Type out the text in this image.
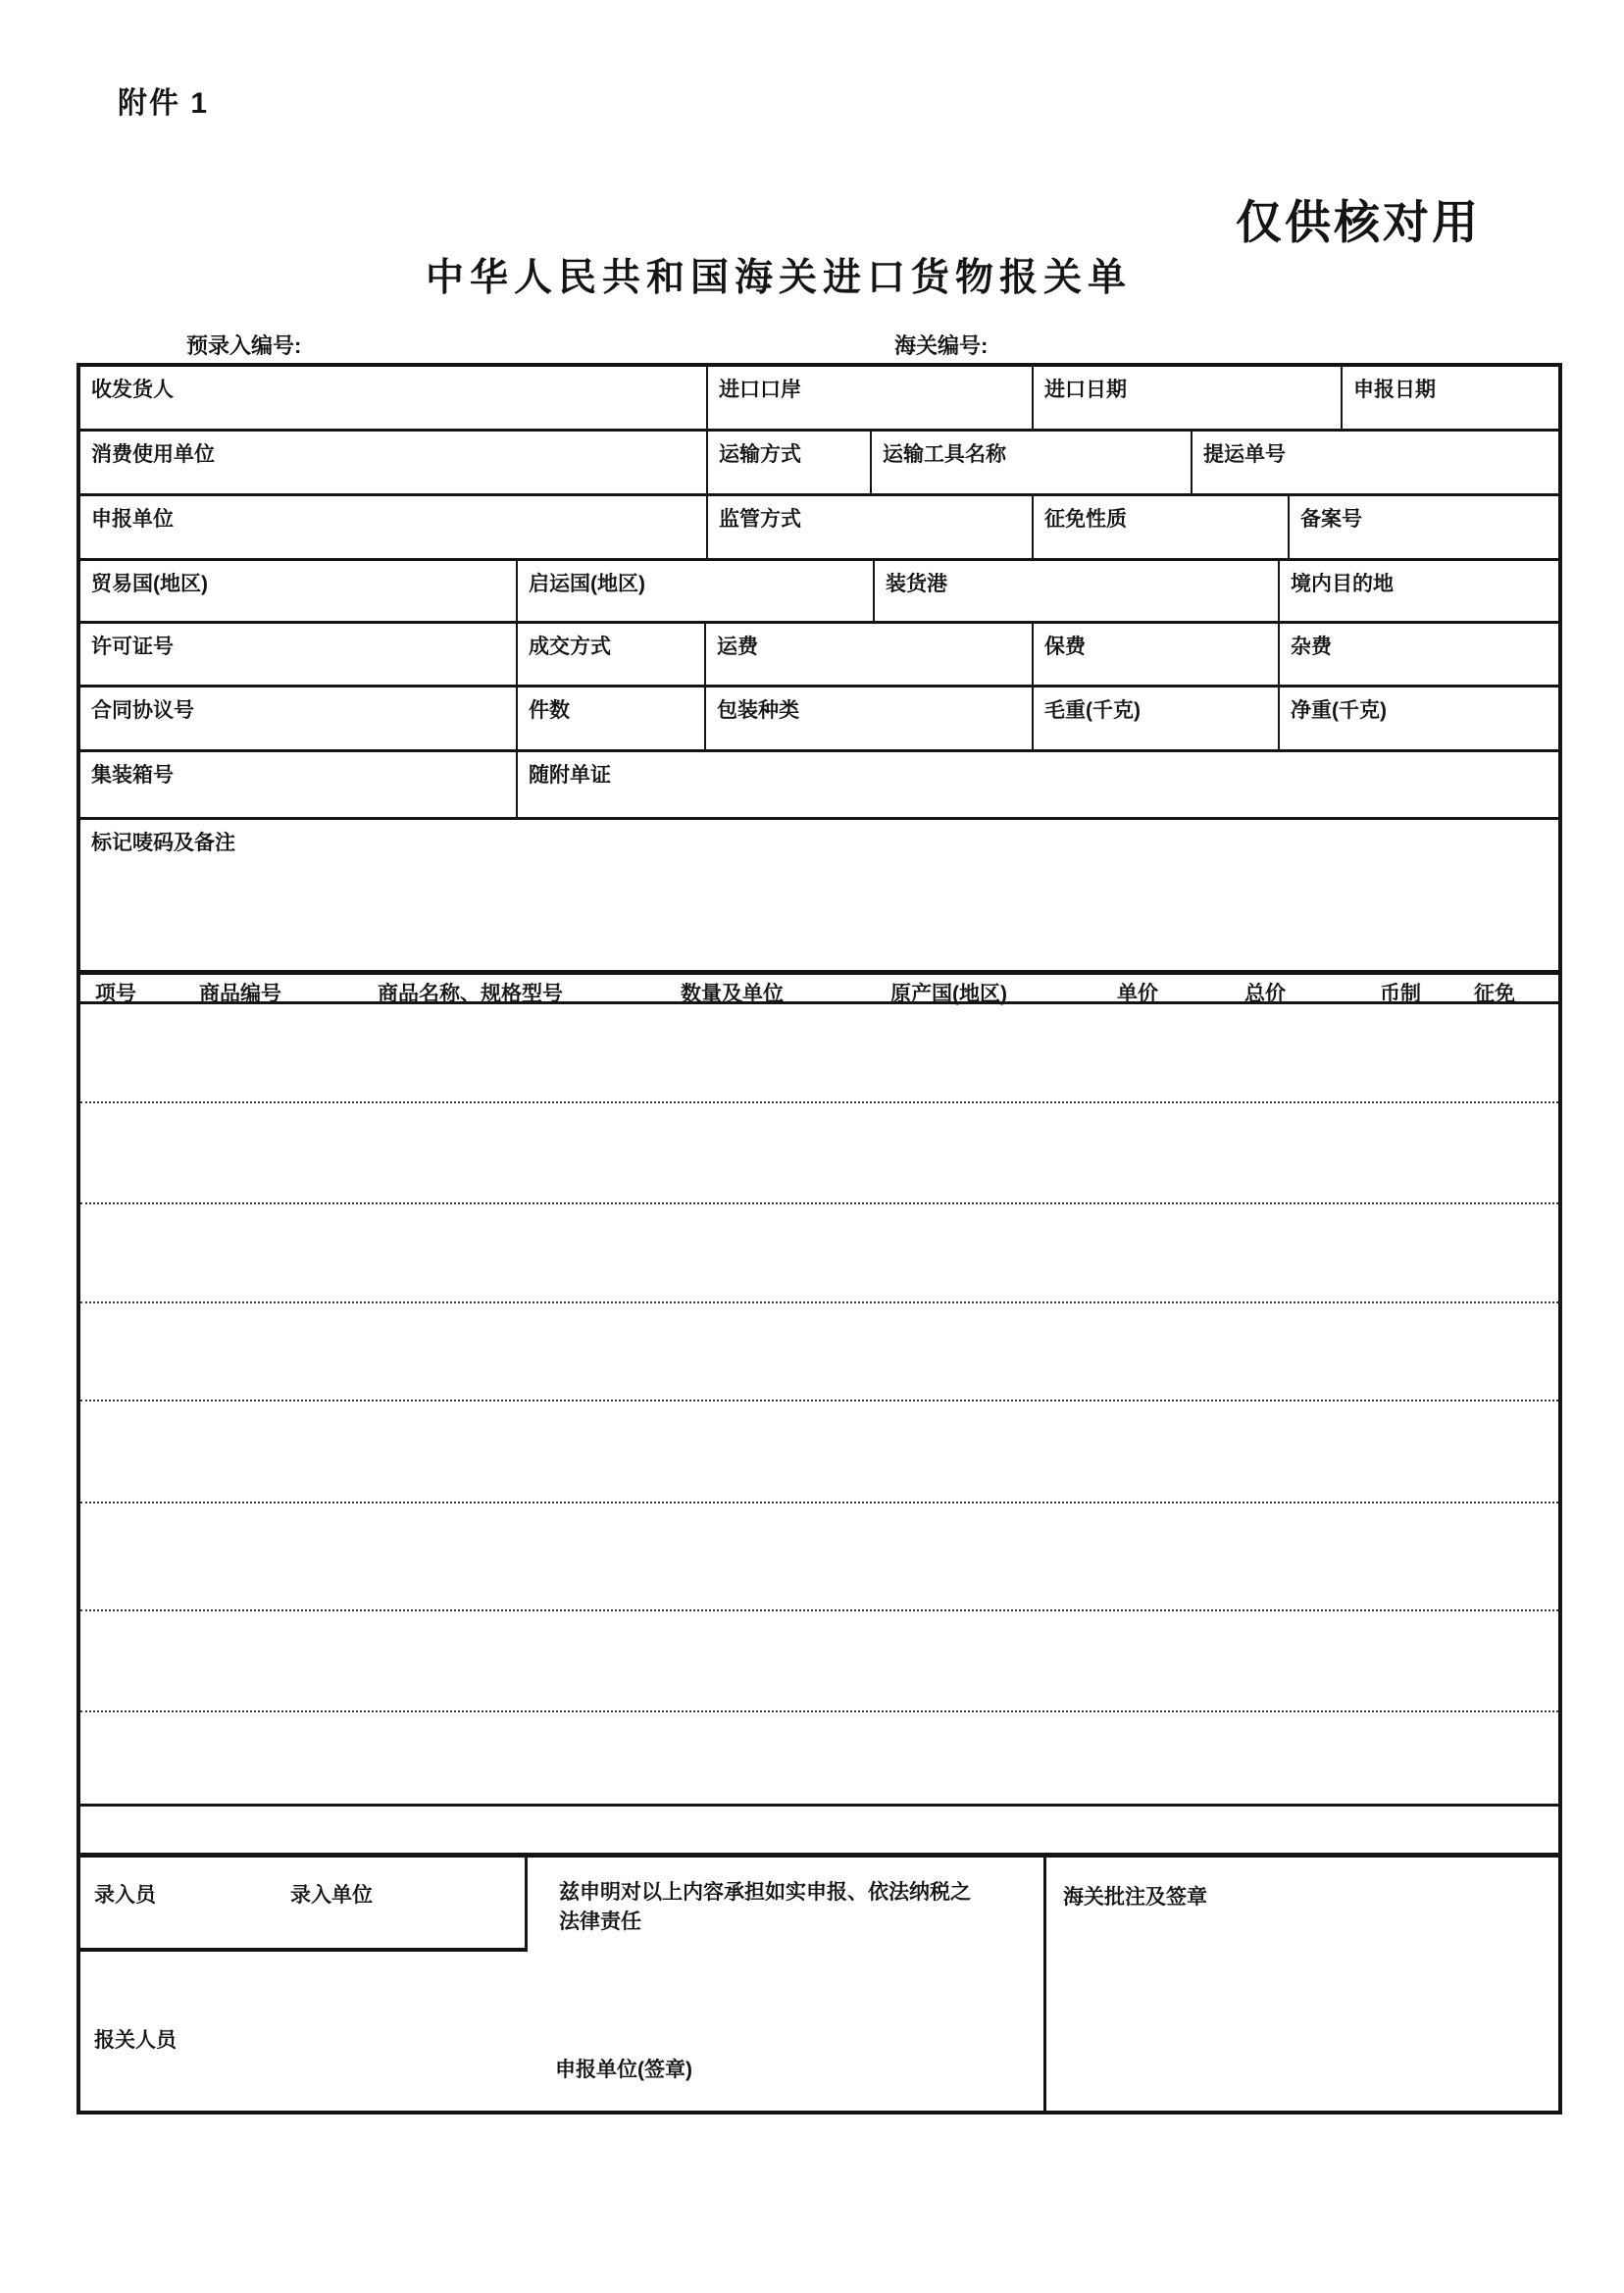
附件 1
仅供核对用
中华人民共和国海关进口货物报关单
预录入编号:	海关编号:
收发货人	进口口岸	进口日期	申报日期
消费使用单位	运输方式	运输工具名称	提运单号
申报单位	监管方式	征免性质	备案号
贸易国(地区)	启运国(地区)	装货港	境内目的地
许可证号	成交方式	运费	保费	杂费
合同协议号	件数	包装种类	毛重(千克)	净重(千克)
集装箱号	随附单证
标记唛码及备注
项号	商品编号	商品名称、规格型号	数量及单位	原产国(地区)	单价	总价	币制	征免
录入员	录入单位
报关人员
兹申明对以上内容承担如实申报、依法纳税之
法律责任
申报单位(签章)
海关批注及签章
